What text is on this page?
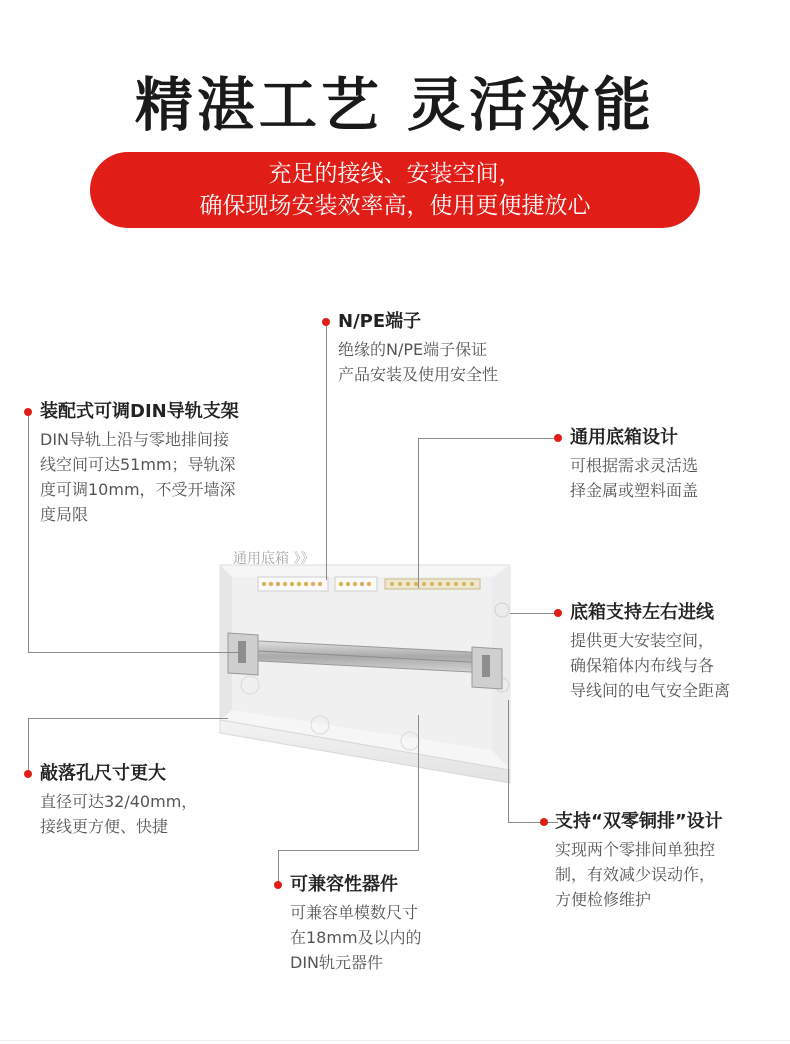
精湛工艺 灵活效能
充足的接线、安装空间，
确保现场安装效率高，使用更便捷放心
通用底箱 》》
N/PE端子
绝缘的N/PE端子保证
产品安装及使用安全性
装配式可调DIN导轨支架
DIN导轨上沿与零地排间接
线空间可达51mm；导轨深
度可调10mm，不受开墙深
度局限
通用底箱设计
可根据需求灵活选
择金属或塑料面盖
底箱支持左右进线
提供更大安装空间，
确保箱体内布线与各
导线间的电气安全距离
敲落孔尺寸更大
直径可达32/40mm，
接线更方便、快捷	支持“双零铜排”设计
实现两个零排间单独控
制，有效减少误动作，
方便检修维护
可兼容性器件
可兼容单模数尺寸
在18mm及以内的
DIN轨元器件
